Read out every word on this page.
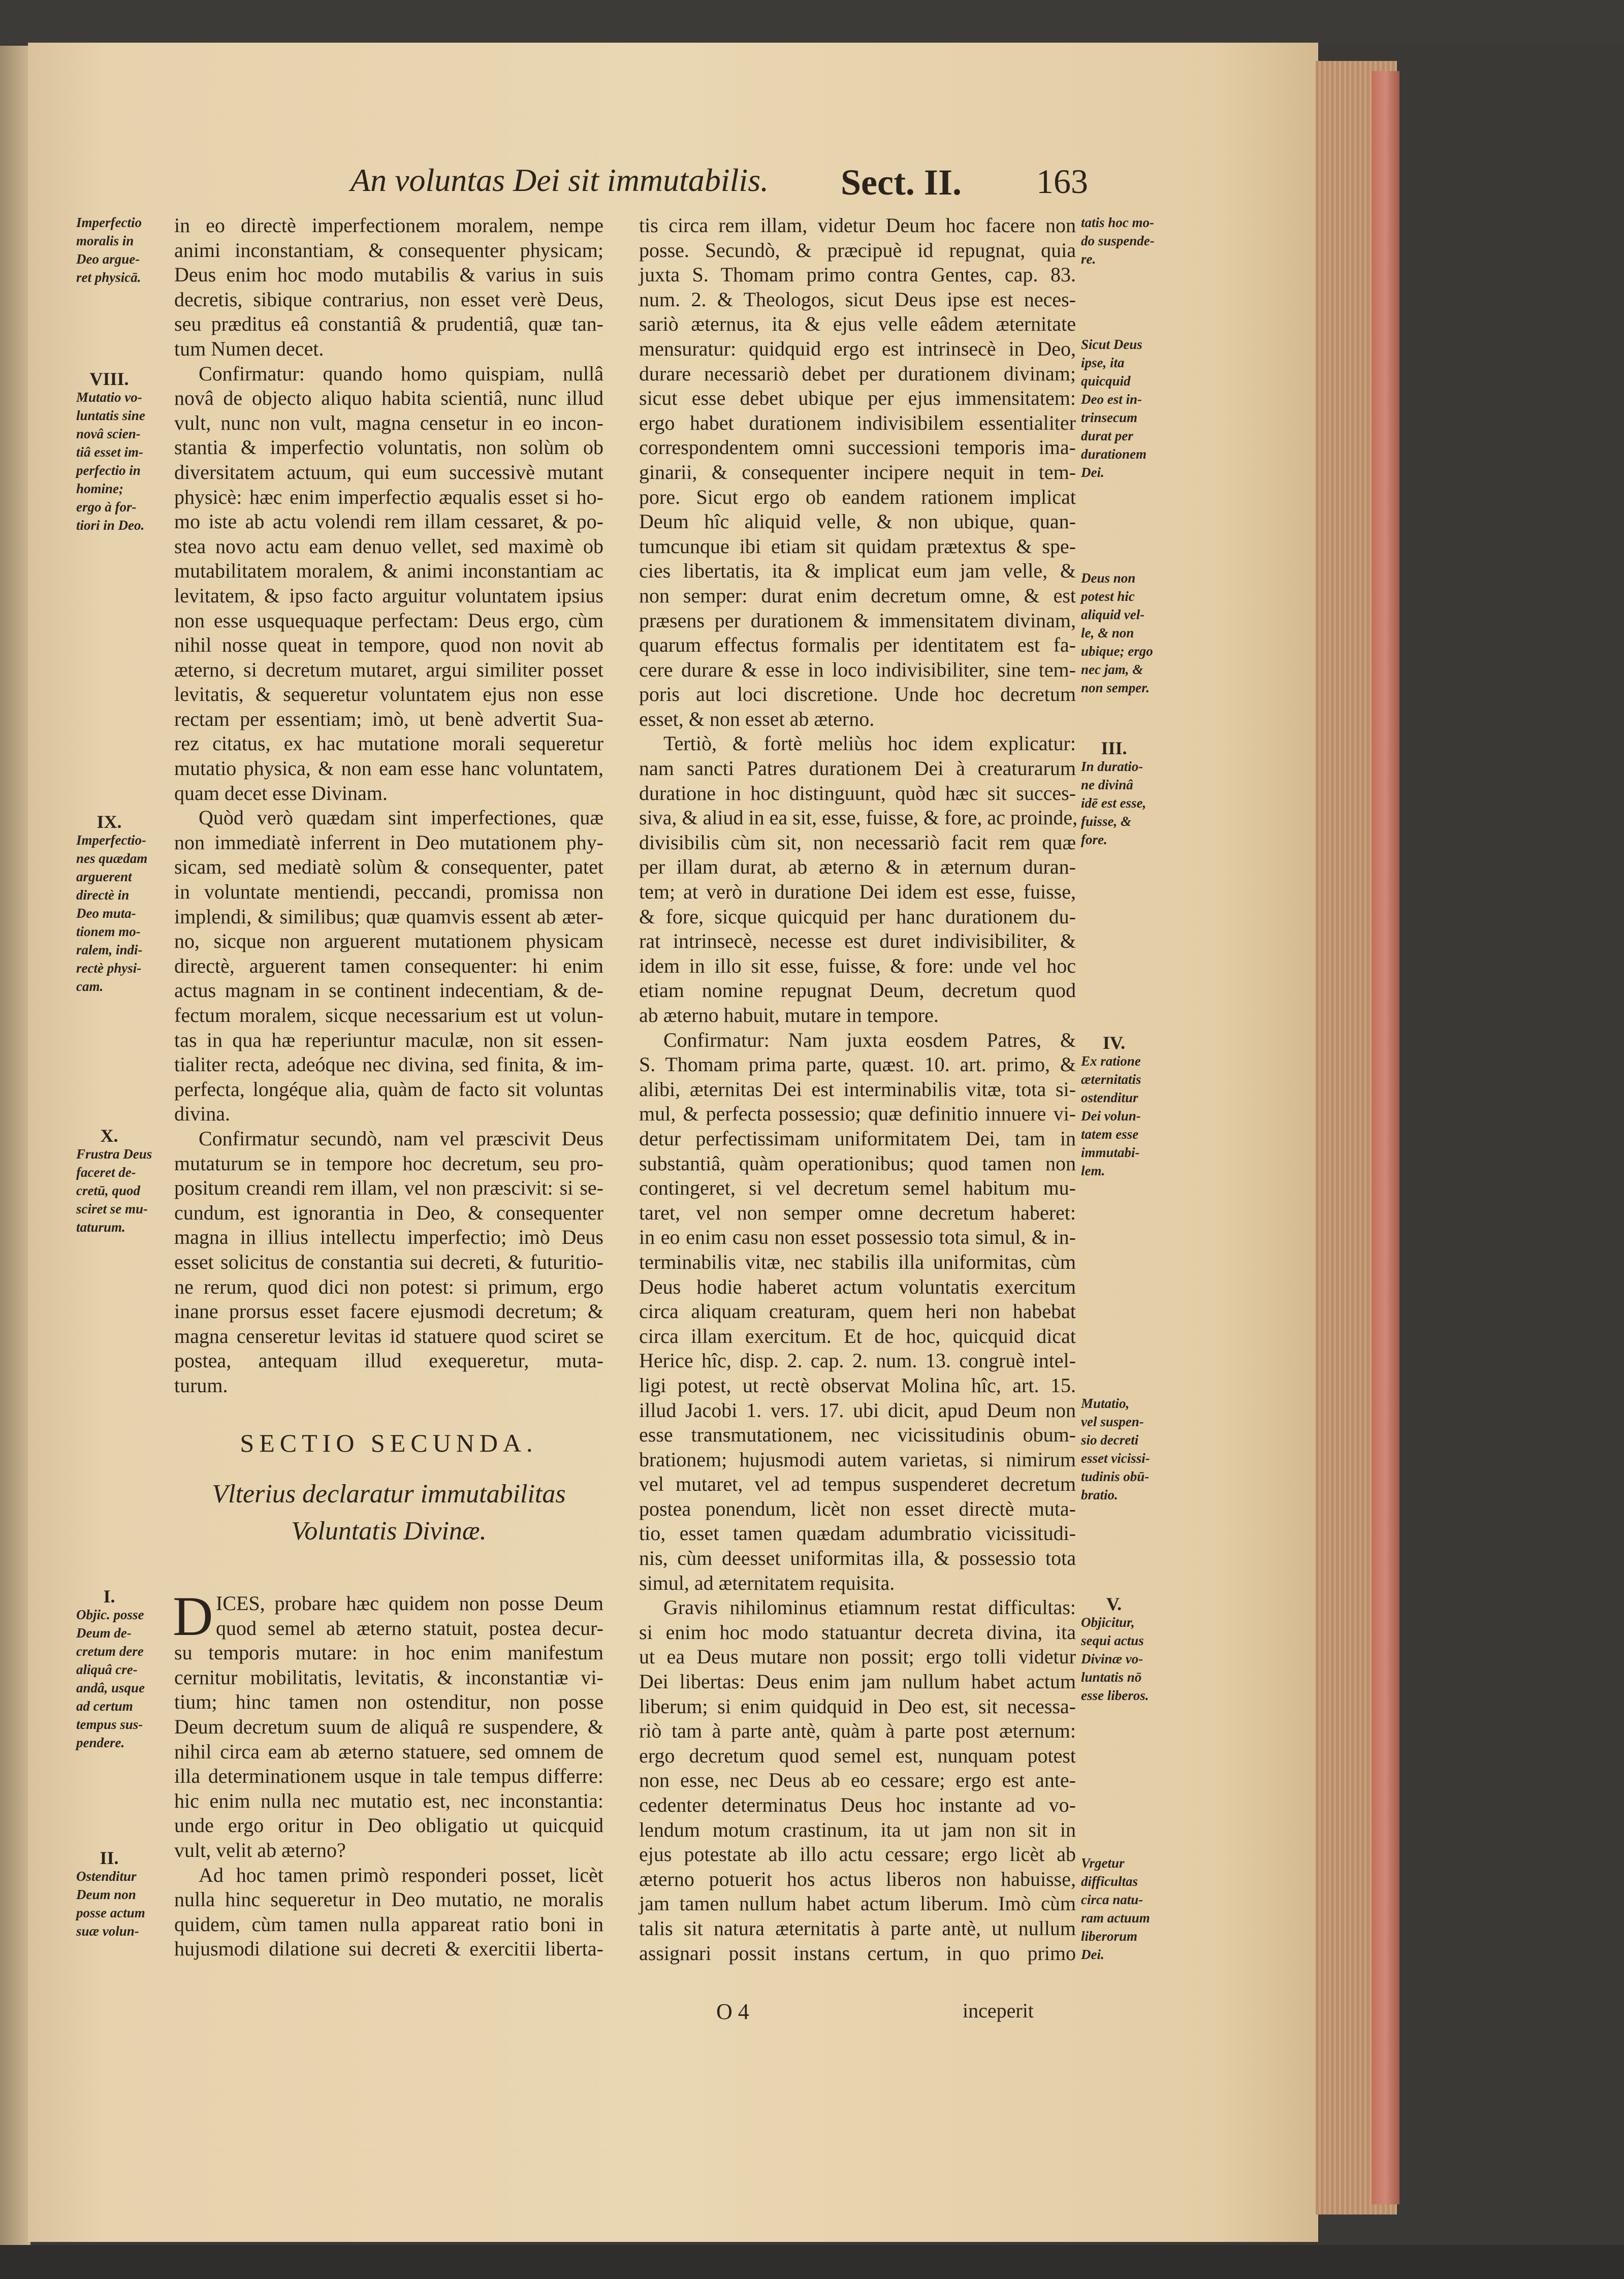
An voluntas Dei sit immutabilis. Sect. II. 163
in eo directè imperfectionem moralem, nempe
animi inconstantiam, & consequenter physicam;
Deus enim hoc modo mutabilis & varius in suis
decretis, sibique contrarius, non esset verè Deus,
seu præditus eâ constantiâ & prudentiâ, quæ tan-
tum Numen decet.
Confirmatur: quando homo quispiam, nullâ
novâ de objecto aliquo habita scientiâ, nunc illud
vult, nunc non vult, magna censetur in eo incon-
stantia & imperfectio voluntatis, non solùm ob
diversitatem actuum, qui eum successivè mutant
physicè: hæc enim imperfectio æqualis esset si ho-
mo iste ab actu volendi rem illam cessaret, & po-
stea novo actu eam denuo vellet, sed maximè ob
mutabilitatem moralem, & animi inconstantiam ac
levitatem, & ipso facto arguitur voluntatem ipsius
non esse usquequaque perfectam: Deus ergo, cùm
nihil nosse queat in tempore, quod non novit ab
æterno, si decretum mutaret, argui similiter posset
levitatis, & sequeretur voluntatem ejus non esse
rectam per essentiam; imò, ut benè advertit Sua-
rez citatus, ex hac mutatione morali sequeretur
mutatio physica, & non eam esse hanc voluntatem,
quam decet esse Divinam.
Quòd verò quædam sint imperfectiones, quæ
non immediatè inferrent in Deo mutationem phy-
sicam, sed mediatè solùm & consequenter, patet
in voluntate mentiendi, peccandi, promissa non
implendi, & similibus; quæ quamvis essent ab æter-
no, sicque non arguerent mutationem physicam
directè, arguerent tamen consequenter: hi enim
actus magnam in se continent indecentiam, & de-
fectum moralem, sicque necessarium est ut volun-
tas in qua hæ reperiuntur maculæ, non sit essen-
tialiter recta, adeóque nec divina, sed finita, & im-
perfecta, longéque alia, quàm de facto sit voluntas
divina.
Confirmatur secundò, nam vel præscivit Deus
mutaturum se in tempore hoc decretum, seu pro-
positum creandi rem illam, vel non præscivit: si se-
cundum, est ignorantia in Deo, & consequenter
magna in illius intellectu imperfectio; imò Deus
esset solicitus de constantia sui decreti, & futuritio-
ne rerum, quod dici non potest: si primum, ergo
inane prorsus esset facere ejusmodi decretum; &
magna censeretur levitas id statuere quod sciret se
postea, antequam illud exequeretur, muta-
turum.
tis circa rem illam, videtur Deum hoc facere non
posse. Secundò, & præcipuè id repugnat, quia
juxta S. Thomam primo contra Gentes, cap. 83.
num. 2. & Theologos, sicut Deus ipse est neces-
sariò æternus, ita & ejus velle eâdem æternitate
mensuratur: quidquid ergo est intrinsecè in Deo,
durare necessariò debet per durationem divinam;
sicut esse debet ubique per ejus immensitatem:
ergo habet durationem indivisibilem essentialiter
correspondentem omni successioni temporis ima-
ginarii, & consequenter incipere nequit in tem-
pore. Sicut ergo ob eandem rationem implicat
Deum hîc aliquid velle, & non ubique, quan-
tumcunque ibi etiam sit quidam prætextus & spe-
cies libertatis, ita & implicat eum jam velle, &
non semper: durat enim decretum omne, & est
præsens per durationem & immensitatem divinam,
quarum effectus formalis per identitatem est fa-
cere durare & esse in loco indivisibiliter, sine tem-
poris aut loci discretione. Unde hoc decretum
esset, & non esset ab æterno.
Tertiò, & fortè meliùs hoc idem explicatur:
nam sancti Patres durationem Dei à creaturarum
duratione in hoc distinguunt, quòd hæc sit succes-
siva, & aliud in ea sit, esse, fuisse, & fore, ac proinde,
divisibilis cùm sit, non necessariò facit rem quæ
per illam durat, ab æterno & in æternum duran-
tem; at verò in duratione Dei idem est esse, fuisse,
& fore, sicque quicquid per hanc durationem du-
rat intrinsecè, necesse est duret indivisibiliter, &
idem in illo sit esse, fuisse, & fore: unde vel hoc
etiam nomine repugnat Deum, decretum quod
ab æterno habuit, mutare in tempore.
Confirmatur: Nam juxta eosdem Patres, &
S. Thomam prima parte, quæst. 10. art. primo, &
alibi, æternitas Dei est interminabilis vitæ, tota si-
mul, & perfecta possessio; quæ definitio innuere vi-
detur perfectissimam uniformitatem Dei, tam in
substantiâ, quàm operationibus; quod tamen non
contingeret, si vel decretum semel habitum mu-
taret, vel non semper omne decretum haberet:
in eo enim casu non esset possessio tota simul, & in-
terminabilis vitæ, nec stabilis illa uniformitas, cùm
Deus hodie haberet actum voluntatis exercitum
circa aliquam creaturam, quem heri non habebat
circa illam exercitum. Et de hoc, quicquid dicat
Herice hîc, disp. 2. cap. 2. num. 13. congruè intel-
ligi potest, ut rectè observat Molina hîc, art. 15.
illud Jacobi 1. vers. 17. ubi dicit, apud Deum non
esse transmutationem, nec vicissitudinis obum-
brationem; hujusmodi autem varietas, si nimirum
vel mutaret, vel ad tempus suspenderet decretum
postea ponendum, licèt non esset directè muta-
tio, esset tamen quædam adumbratio vicissitudi-
nis, cùm deesset uniformitas illa, & possessio tota
simul, ad æternitatem requisita.
Gravis nihilominus etiamnum restat difficultas:
si enim hoc modo statuantur decreta divina, ita
ut ea Deus mutare non possit; ergo tolli videtur
Dei libertas: Deus enim jam nullum habet actum
liberum; si enim quidquid in Deo est, sit necessa-
riò tam à parte antè, quàm à parte post æternum:
ergo decretum quod semel est, nunquam potest
non esse, nec Deus ab eo cessare; ergo est ante-
cedenter determinatus Deus hoc instante ad vo-
lendum motum crastinum, ita ut jam non sit in
ejus potestate ab illo actu cessare; ergo licèt ab
æterno potuerit hos actus liberos non habuisse,
jam tamen nullum habet actum liberum. Imò cùm
talis sit natura æternitatis à parte antè, ut nullum
assignari possit instans certum, in quo primo
SECTIO SECUNDA.
Vlterius declaratur immutabilitas
Voluntatis Divinæ.
D ICES, probare hæc quidem non posse Deum
quod semel ab æterno statuit, postea decur-
su temporis mutare: in hoc enim manifestum
cernitur mobilitatis, levitatis, & inconstantiæ vi-
tium; hinc tamen non ostenditur, non posse
Deum decretum suum de aliquâ re suspendere, &
nihil circa eam ab æterno statuere, sed omnem de
illa determinationem usque in tale tempus differre:
hic enim nulla nec mutatio est, nec inconstantia:
unde ergo oritur in Deo obligatio ut quicquid
vult, velit ab æterno?
Ad hoc tamen primò responderi posset, licèt
nulla hinc sequeretur in Deo mutatio, ne moralis
quidem, cùm tamen nulla appareat ratio boni in
hujusmodi dilatione sui decreti & exercitii liberta-
O 4	inceperit
Imperfectio
moralis in
Deo argue-
ret physicā.
VIII.
Mutatio vo-
luntatis sine
novâ scien-
tiâ esset im-
perfectio in
homine;
ergo à for-
tiori in Deo.
IX.
Imperfectio-
nes quædam
arguerent
directè in
Deo muta-
tionem mo-
ralem, indi-
rectè physi-
cam.
X.
Frustra Deus
faceret de-
cretū, quod
sciret se mu-
taturum.
I.
Objic. posse
Deum de-
cretum dere
aliquâ cre-
andâ, usque
ad certum
tempus sus-
pendere.
II.
Ostenditur
Deum non
posse actum
suæ volun-
tatis hoc mo-
do suspende-
re.
Sicut Deus
ipse, ita
quicquid
Deo est in-
trinsecum
durat per
durationem
Dei.
Deus non
potest hic
aliquid vel-
le, & non
ubique; ergo
nec jam, &
non semper.
III.
In duratio-
ne divinâ
idē est esse,
fuisse, &
fore.
IV.
Ex ratione
æternitatis
ostenditur
Dei volun-
tatem esse
immutabi-
lem.
Mutatio,
vel suspen-
sio decreti
esset vicissi-
tudinis obū-
bratio.
V.
Objicitur,
sequi actus
Divinæ vo-
luntatis nō
esse liberos.
Vrgetur
difficultas
circa natu-
ram actuum
liberorum
Dei.
